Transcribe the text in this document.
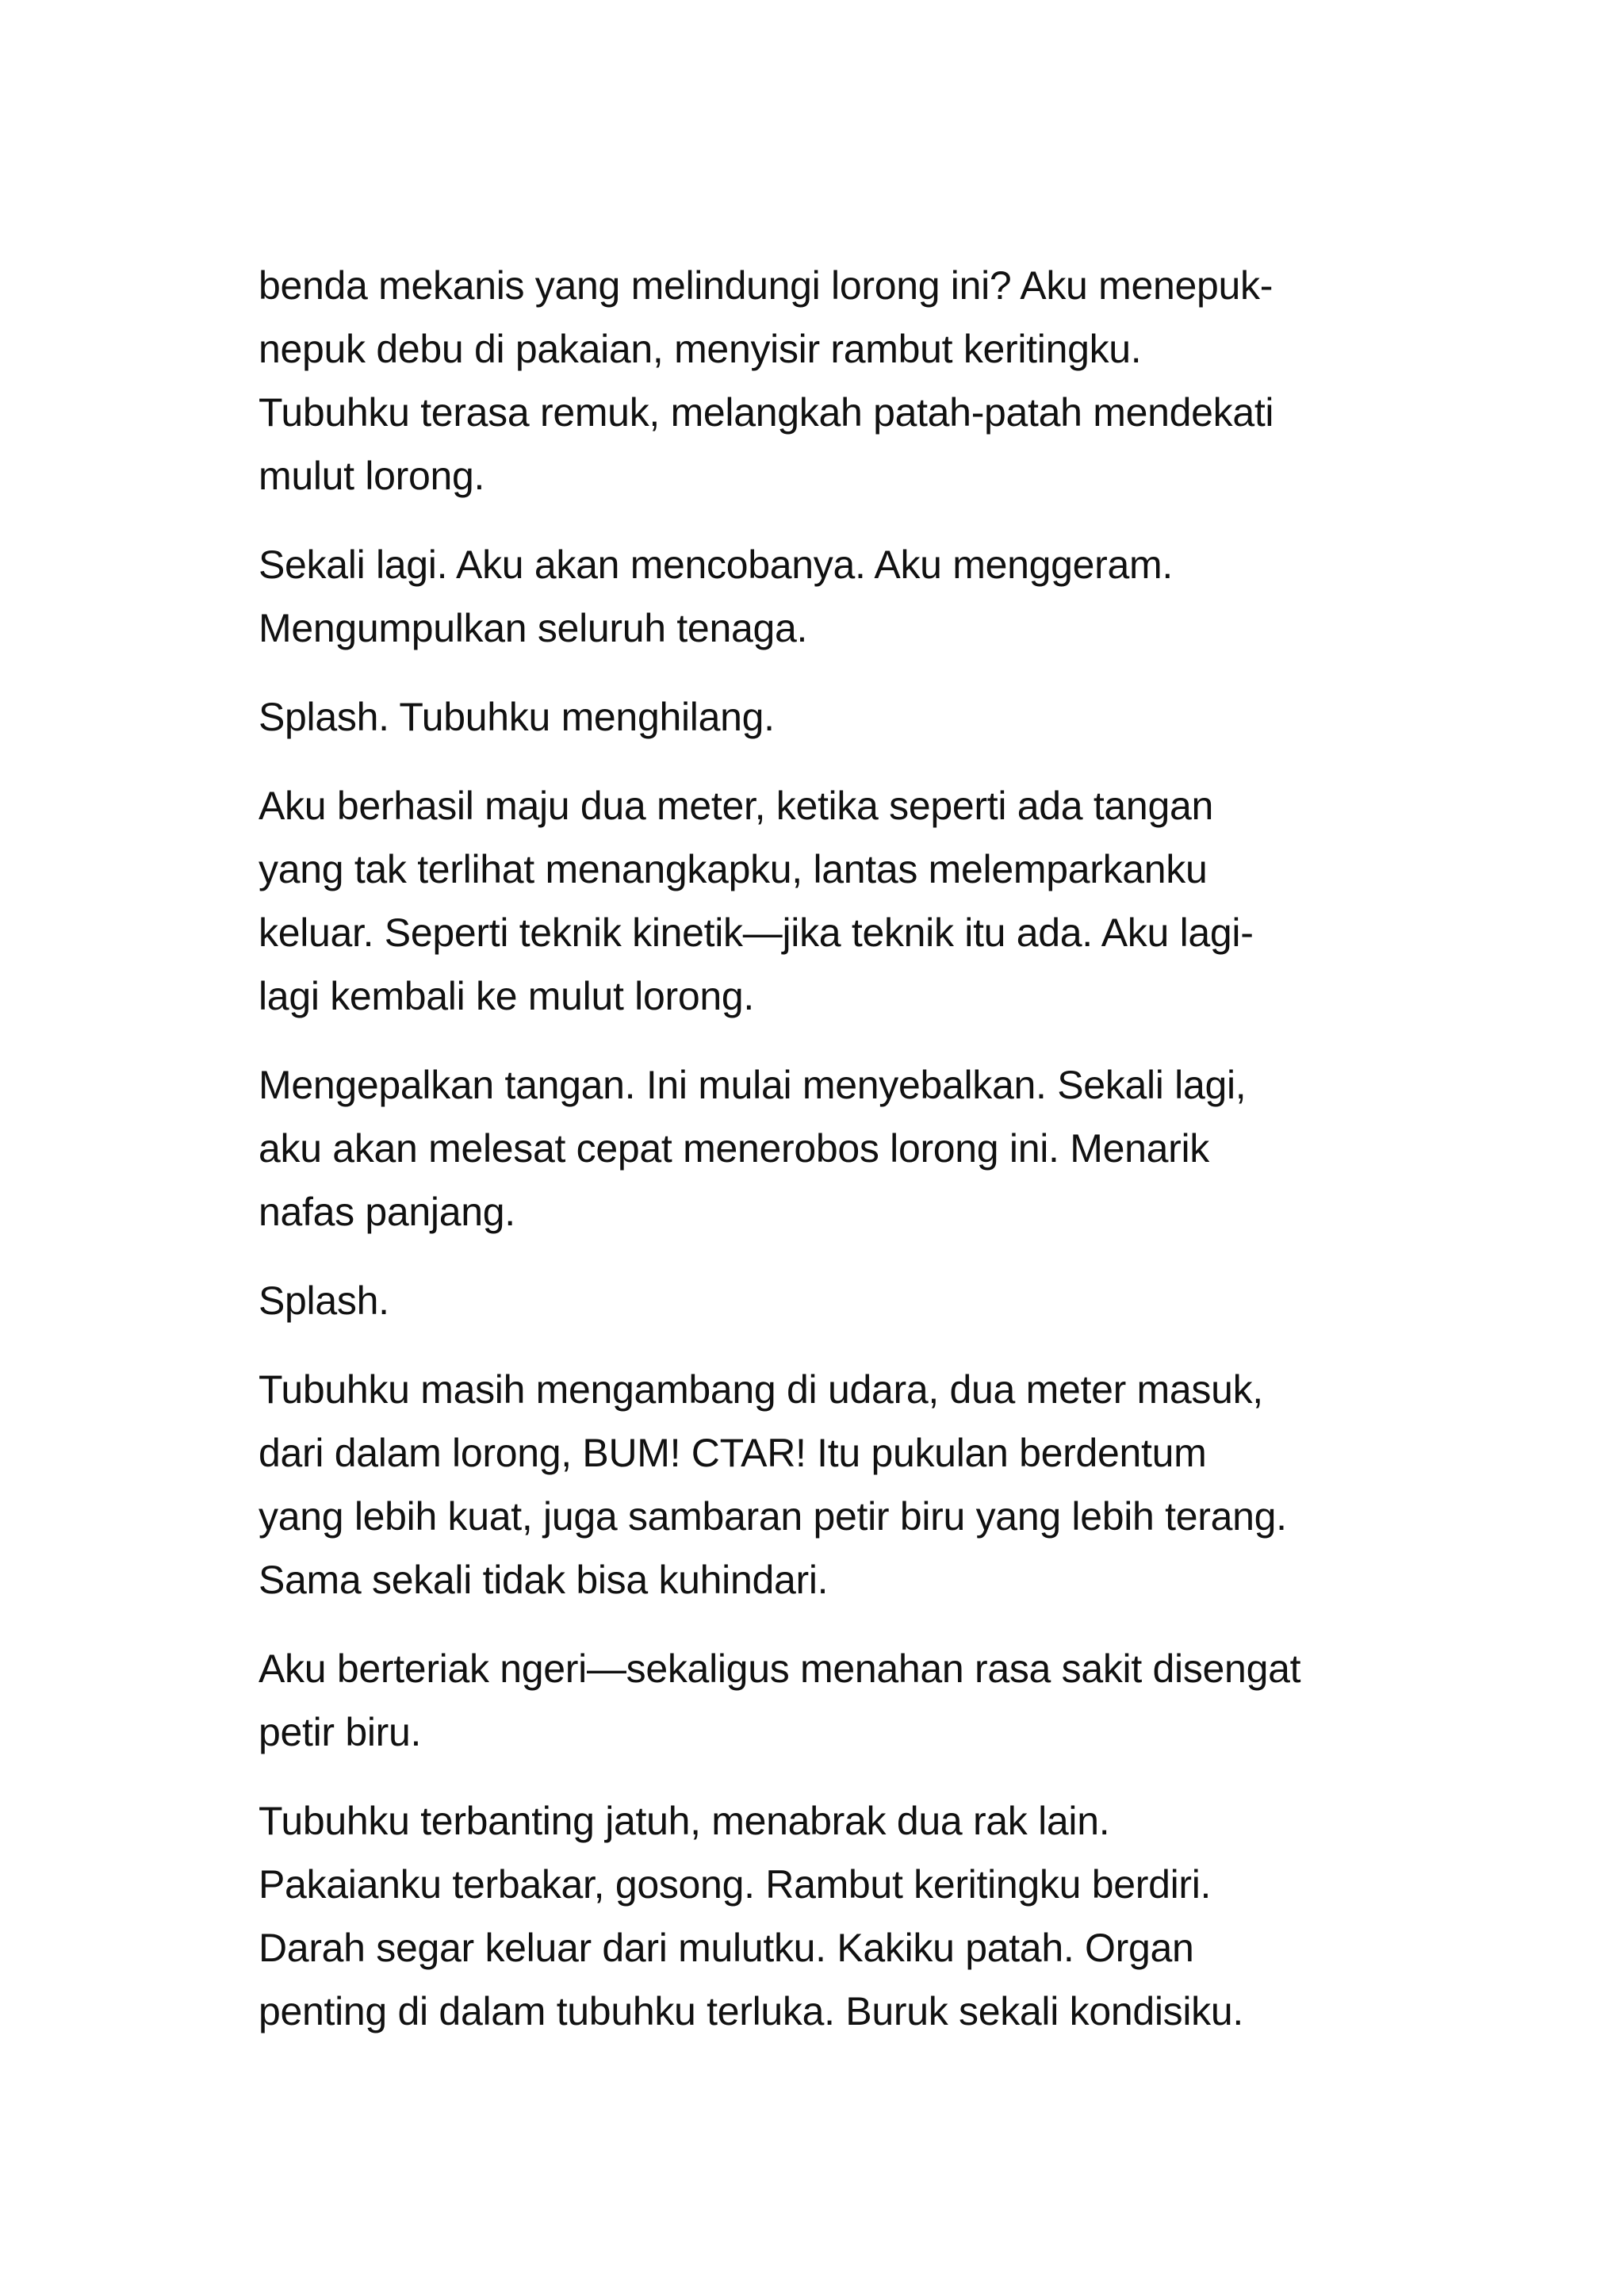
benda mekanis yang melindungi lorong ini? Aku menepuk-
nepuk debu di pakaian, menyisir rambut keritingku.
Tubuhku terasa remuk, melangkah patah-patah mendekati
mulut lorong.

Sekali lagi. Aku akan mencobanya. Aku menggeram.
Mengumpulkan seluruh tenaga.

Splash. Tubuhku menghilang.

Aku berhasil maju dua meter, ketika seperti ada tangan
yang tak terlihat menangkapku, lantas melemparkanku
keluar. Seperti teknik kinetik—jika teknik itu ada. Aku lagi-
lagi kembali ke mulut lorong.

Mengepalkan tangan. Ini mulai menyebalkan. Sekali lagi,
aku akan melesat cepat menerobos lorong ini. Menarik
nafas panjang.

Splash.

Tubuhku masih mengambang di udara, dua meter masuk,
dari dalam lorong, BUM! CTAR! Itu pukulan berdentum
yang lebih kuat, juga sambaran petir biru yang lebih terang.
Sama sekali tidak bisa kuhindari.

Aku berteriak ngeri—sekaligus menahan rasa sakit disengat
petir biru.

Tubuhku terbanting jatuh, menabrak dua rak lain.
Pakaianku terbakar, gosong. Rambut keritingku berdiri.
Darah segar keluar dari mulutku. Kakiku patah. Organ
penting di dalam tubuhku terluka. Buruk sekali kondisiku.
